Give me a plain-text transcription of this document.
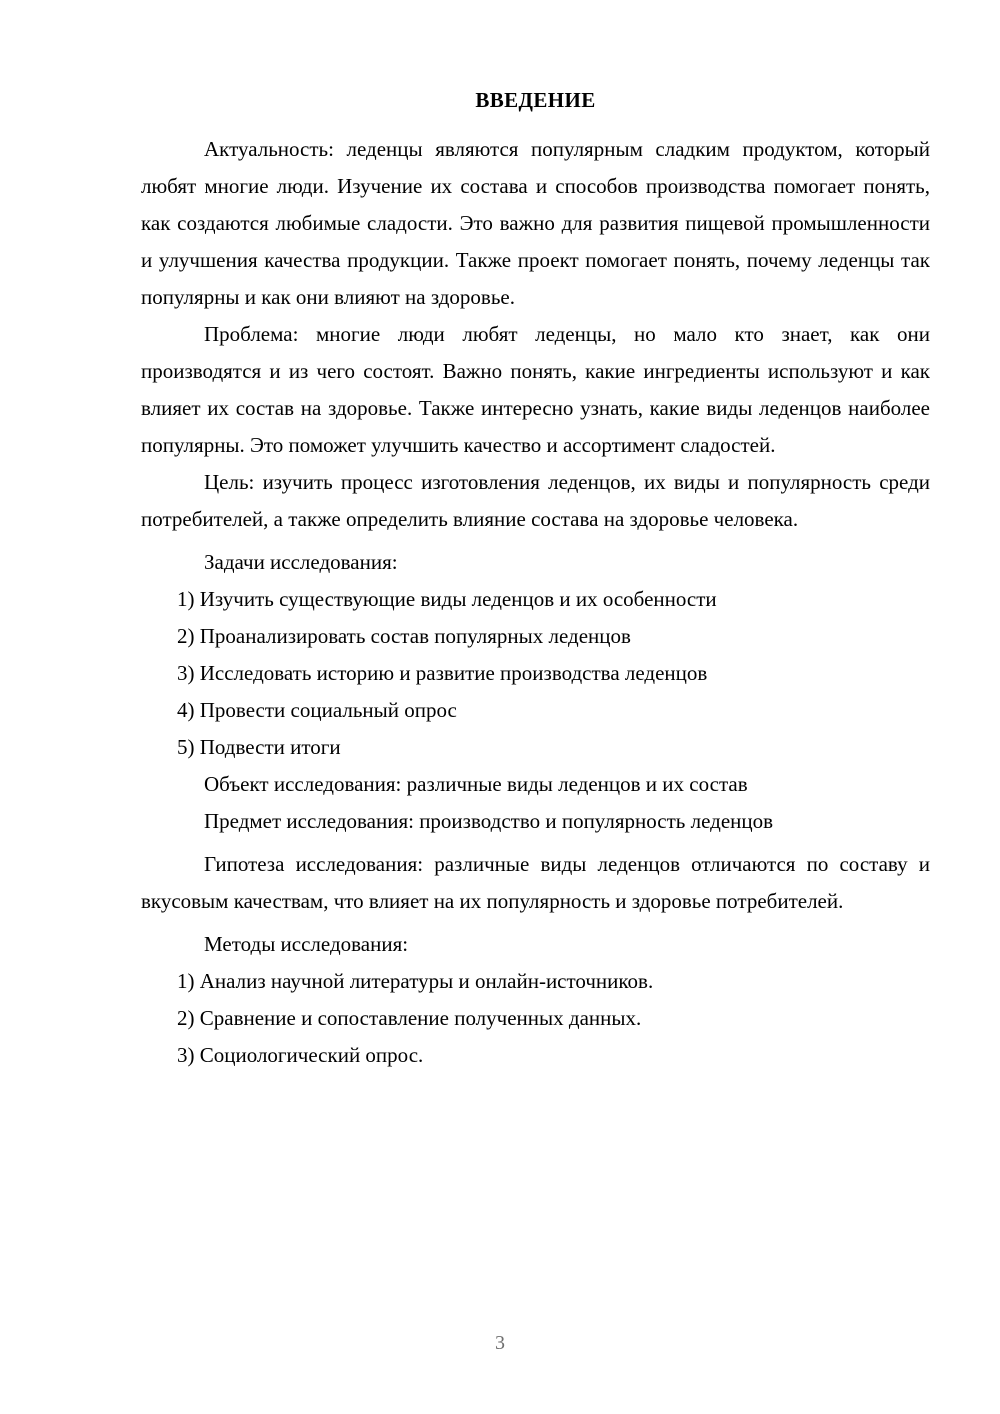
ВВЕДЕНИЕ

Актуальность: леденцы являются популярным сладким продуктом, который любят многие люди. Изучение их состава и способов производства помогает понять, как создаются любимые сладости. Это важно для развития пищевой промышленности и улучшения качества продукции. Также проект помогает понять, почему леденцы так популярны и как они влияют на здоровье.

Проблема: многие люди любят леденцы, но мало кто знает, как они производятся и из чего состоят. Важно понять, какие ингредиенты используют и как влияет их состав на здоровье. Также интересно узнать, какие виды леденцов наиболее популярны. Это поможет улучшить качество и ассортимент сладостей.

Цель: изучить процесс изготовления леденцов, их виды и популярность среди потребителей, а также определить влияние состава на здоровье человека.

Задачи исследования:

1) Изучить существующие виды леденцов и их особенности
2) Проанализировать состав популярных леденцов
3) Исследовать историю и развитие производства леденцов
4) Провести социальный опрос
5) Подвести итоги

Объект исследования: различные виды леденцов и их состав

Предмет исследования: производство и популярность леденцов

Гипотеза исследования: различные виды леденцов отличаются по составу и вкусовым качествам, что влияет на их популярность и здоровье потребителей.

Методы исследования:

1) Анализ научной литературы и онлайн-источников.
2) Сравнение и сопоставление полученных данных.
3) Социологический опрос.
3
